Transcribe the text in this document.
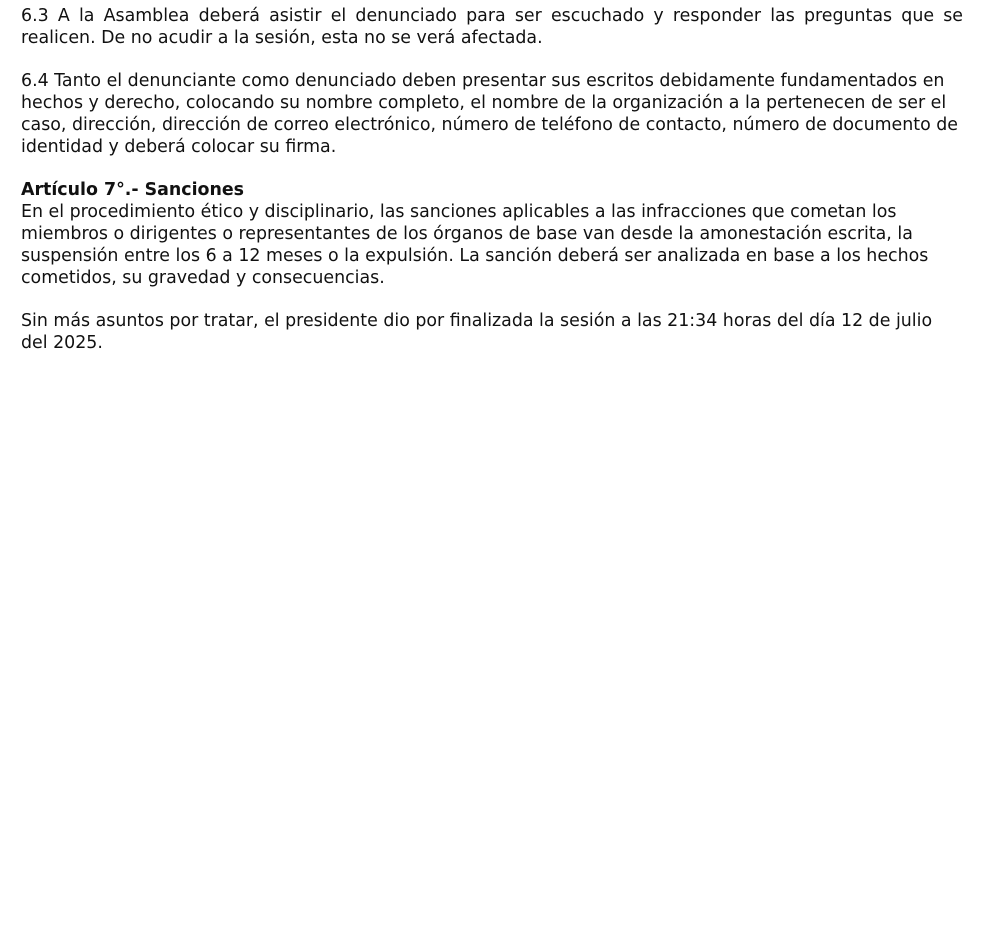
6.3 A la Asamblea deberá asistir el denunciado para ser escuchado y responder las preguntas que se realicen. De no acudir a la sesión, esta no se verá afectada.

6.4 Tanto el denunciante como denunciado deben presentar sus escritos debidamente fundamentados en hechos y derecho, colocando su nombre completo, el nombre de la organización a la pertenecen de ser el caso, dirección, dirección de correo electrónico, número de teléfono de contacto, número de documento de identidad y deberá colocar su firma.

Artículo 7°.- Sanciones

En el procedimiento ético y disciplinario, las sanciones aplicables a las infracciones que cometan los miembros o dirigentes o representantes de los órganos de base van desde la amonestación escrita, la suspensión entre los 6 a 12 meses o la expulsión. La sanción deberá ser analizada en base a los hechos cometidos, su gravedad y consecuencias.

Sin más asuntos por tratar, el presidente dio por finalizada la sesión a las 21:34 horas del día 12 de julio del 2025.
